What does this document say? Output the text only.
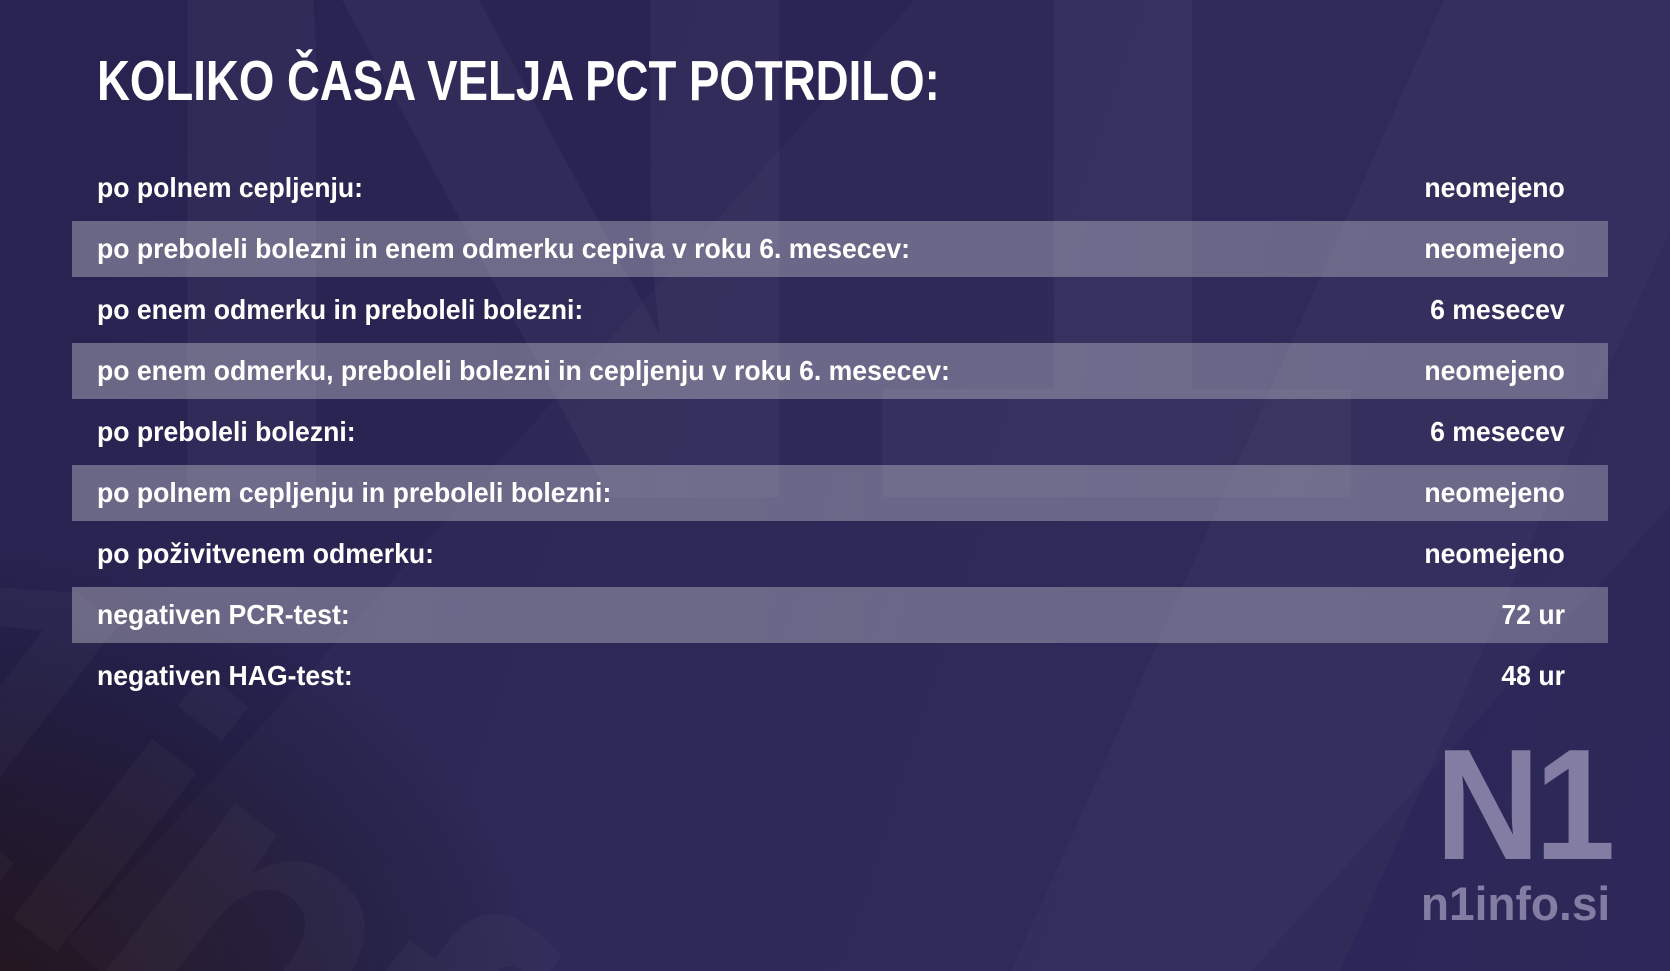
KOLIKO ČASA VELJA PCT POTRDILO:
po polnem cepljenju:	neomejeno
po preboleli bolezni in enem odmerku cepiva v roku 6. mesecev:	neomejeno
po enem odmerku in preboleli bolezni:	6 mesecev
po enem odmerku, preboleli bolezni in cepljenju v roku 6. mesecev:	neomejeno
po preboleli bolezni:	6 mesecev
po polnem cepljenju in preboleli bolezni:	neomejeno
po poživitvenem odmerku:	neomejeno
negativen PCR-test:	72 ur
negativen HAG-test:	48 ur
N1
n1info.si
